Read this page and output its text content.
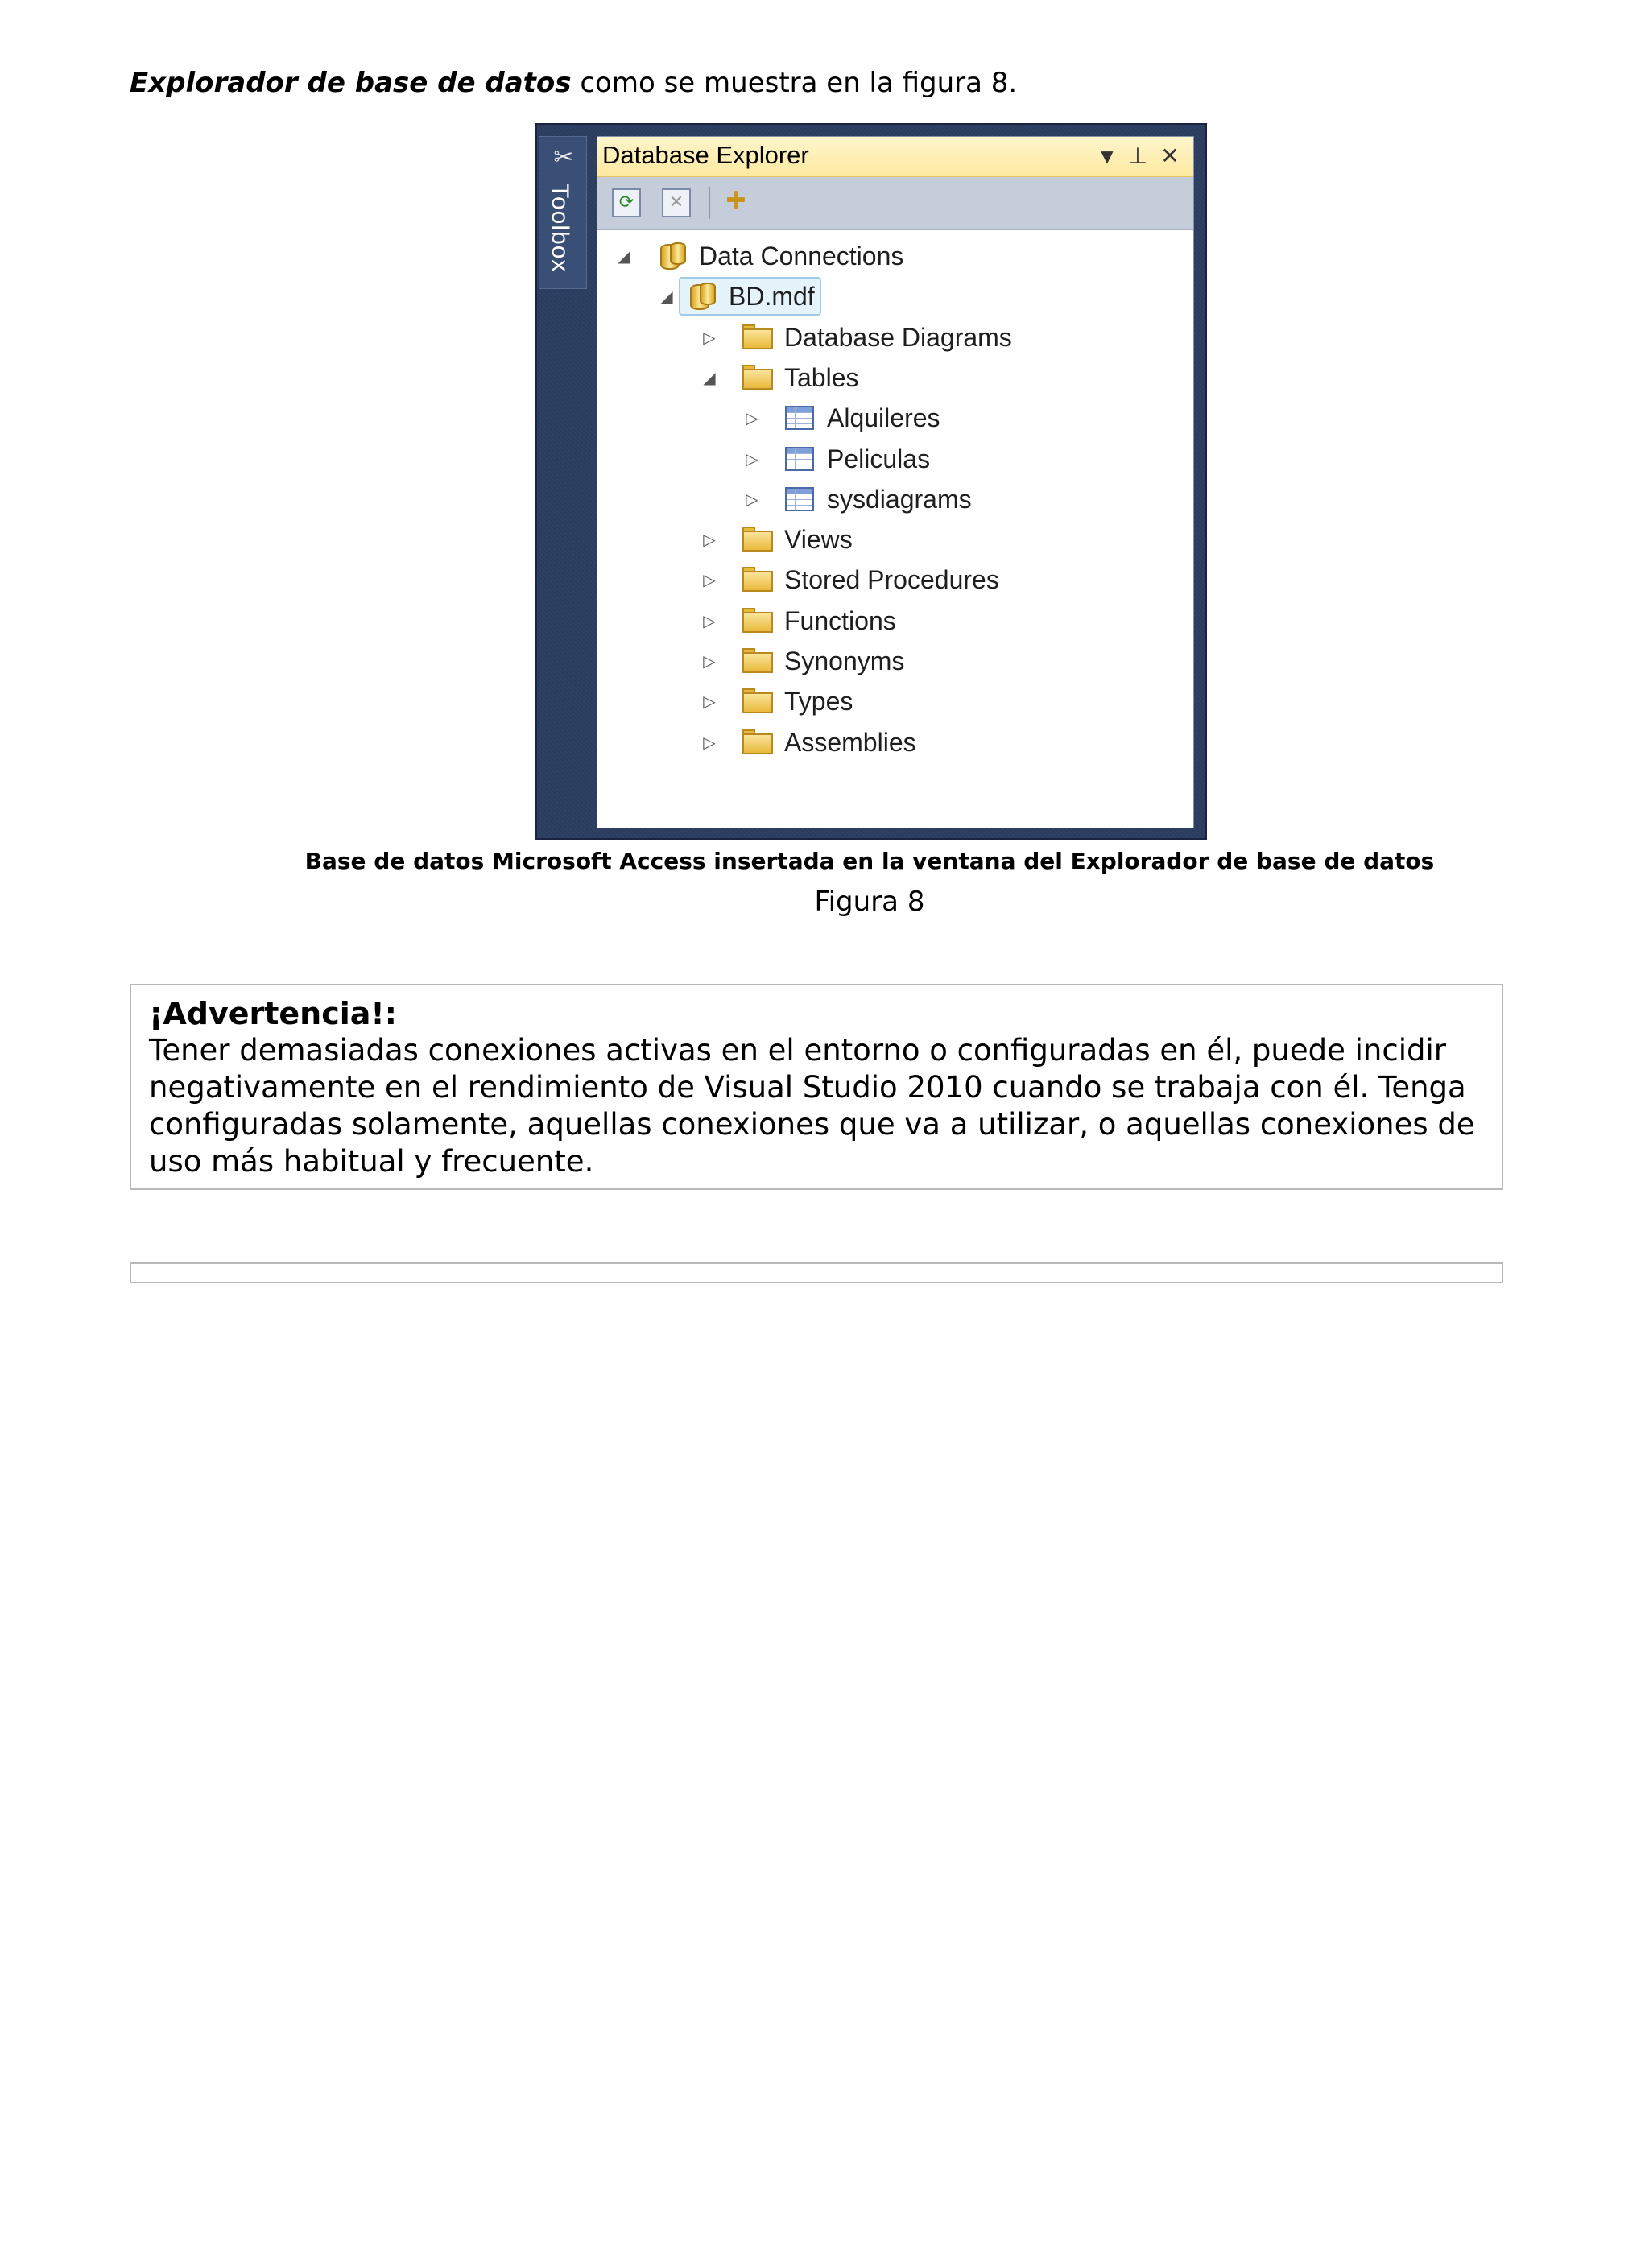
Explorador de base de datos como se muestra en la figura 8.
✂
Toolbox
Database Explorer	▼ ⊥ ✕
⟳	✕ ✚
◢	Data Connections
◢ BD.mdf
▷	Database Diagrams
◢	Tables
▷	Alquileres
▷	Peliculas
▷	sysdiagrams
▷	Views
▷	Stored Procedures
▷	Functions
▷	Synonyms
▷	Types
▷	Assemblies
Base de datos Microsoft Access insertada en la ventana del Explorador de base de datos
Figura 8
¡Advertencia!:
Tener demasiadas conexiones activas en el entorno o configuradas en él, puede incidir
negativamente en el rendimiento de Visual Studio 2010 cuando se trabaja con él. Tenga
configuradas solamente, aquellas conexiones que va a utilizar, o aquellas conexiones de
uso más habitual y frecuente.
